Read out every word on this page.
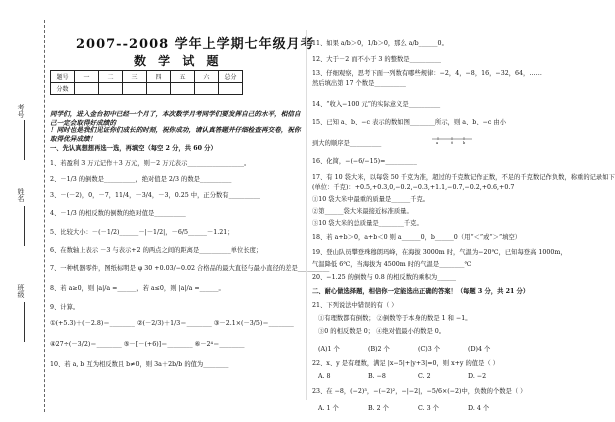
考号
姓名
班级
2007--2008 学年上学期七年级月考
数 学 试 题
题号	一	二	三	四	五	六	总分
分数							
同学们，进入金台初中已经一个月了，本次数学月考同学们要发挥自己的水平，相信自己一定会取得好成绩的
！同时也是我们见证你们成长的时刻，祝你成功，请认真答题并仔细检查再交卷，祝你取得优异成绩！
一、先认真想想再选一选，再填空（每空 2 分，共 60 分）
1、若盈利 3 万元记作＋3 万元，则－2 万元表示__________________。
2、－1/3 的倒数是__________，绝对值是 2/3 的数是__________
3、－(－2)，0，－7，11/4，－3/4，－3，0.25 中，正分数有__________
4、－1/3 的相反数的倒数的绝对值是__________
5、比较大小：－(－1/2)______－|－1/2|，－6/5______－1.21；
6、在数轴上表示 －3 与表示+2 的两点之间的距离是__________单位长度；
7、一种机器零件，图纸标明是 φ 30 +0.03/−0.02 合格品的最大直径与最小直径的差是__________
8、若 a≥0，则 |a|/a =______，若 a≤0，则 |a|/a =______。
9、计算。
①(+5.3)＋(－2.8)＝________ ②(－2/3)＋1/3＝________ ③－2.1×(－3/5)＝________
④27÷(－3/2)＝________ ⑤－[－(+6)]＝________ ⑥－2⁴＝________
10、若 a, b 互为相反数且 b≠0，则 3a＋2b/b 的值为________
11、如果 a/b＞0，1/b＞0，那么 a/b______0。
12、大于－2 而不小于 3 的整数是__________
13、仔细观察，思考下面一列数有哪些规律：−2，4，−8，16，−32，64，……
然后填出第 17 个数是__________
14、“收入−100 元”的实际意义是__________
15、已知 a、b、−c 表示的数如图________所示，则 a、b、−c 由小
到大的顺序是__________	a	0	b
16、化简，−(−6/−15)=__________
17、有 10 袋大米，以每袋 50 千克为准，超过的千克数记作正数，不足的千克数记作负数，称重的记录如下
(单位：千克)：+0.5,+0.3,0,−0.2,−0.3,+1.1,−0.7,−0.2,+0.6,+0.7
①10 袋大米中最重的质量是______千克。
②第______袋大米最接近标准质量。
③10 袋大米的总质量是________千克。
18、若 a+b＞0，a+b＜0 则 a______0，b______0（用“＜”或“＞”填空）
19、登山队员攀登珠穆朗玛峰，在海拔 3000m 时，气温为−20℃，已知每登高 1000m，
气温降低 6℃，当海拔为 4500m 时的气温是________℃
20、−1.25 的倒数与 0.8 的相反数的乘积为______
二、耐心做选择题，相信你一定能选出正确的答案！（每题 3 分，共 21 分）
21、下列说法中错误的有（ ）
①有理数都有倒数； ②倒数等于本身的数是 1 和 −1。
③0 的相反数是 0； ④绝对值最小的数是 0。
(A)1 个	(B)2 个	(C)3 个	(D)4 个
22、x、y 是有理数，满足 |x−5|+|y+3|=0，则 x+y 的值是（ ）
A. 8	B. −8	C. 2	D. −2
23、在 −8，(−2)³，−(−2)²，−|−2|，−5/6×(−2)中，负数的个数是（ ）
A. 1 个	B. 2 个	C. 3 个	D. 4 个
